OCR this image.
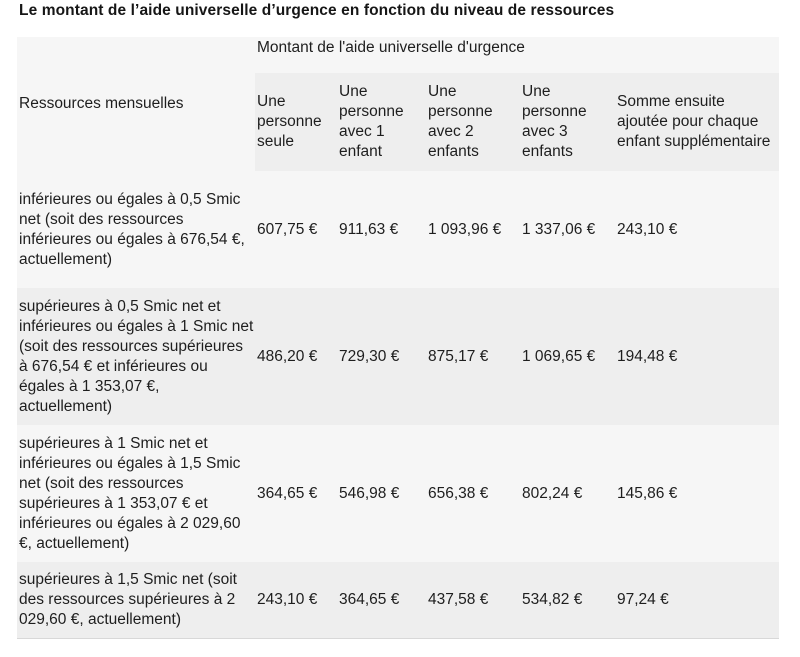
Le montant de l’aide universelle d’urgence en fonction du niveau de ressources
Ressources mensuelles	Montant de l'aide universelle d'urgence				
	Une personne seule	Une personne avec 1 enfant	Une personne avec 2 enfants	Une personne avec 3 enfants	Somme ensuite ajoutée pour chaque enfant supplémentaire
inférieures ou égales à 0,5 Smic net (soit des ressources inférieures ou égales à 676,54 €, actuellement)	607,75 €	911,63 €	1 093,96 €	1 337,06 €	243,10 €
supérieures à 0,5 Smic net et inférieures ou égales à 1 Smic net (soit des ressources supérieures à 676,54 € et inférieures ou égales à 1 353,07 €, actuellement)	486,20 €	729,30 €	875,17 €	1 069,65 €	194,48 €
supérieures à 1 Smic net et inférieures ou égales à 1,5 Smic net (soit des ressources supérieures à 1 353,07 € et inférieures ou égales à 2 029,60 €, actuellement)	364,65 €	546,98 €	656,38 €	802,24 €	145,86 €
supérieures à 1,5 Smic net (soit des ressources supérieures à 2 029,60 €, actuellement)	243,10 €	364,65 €	437,58 €	534,82 €	97,24 €
